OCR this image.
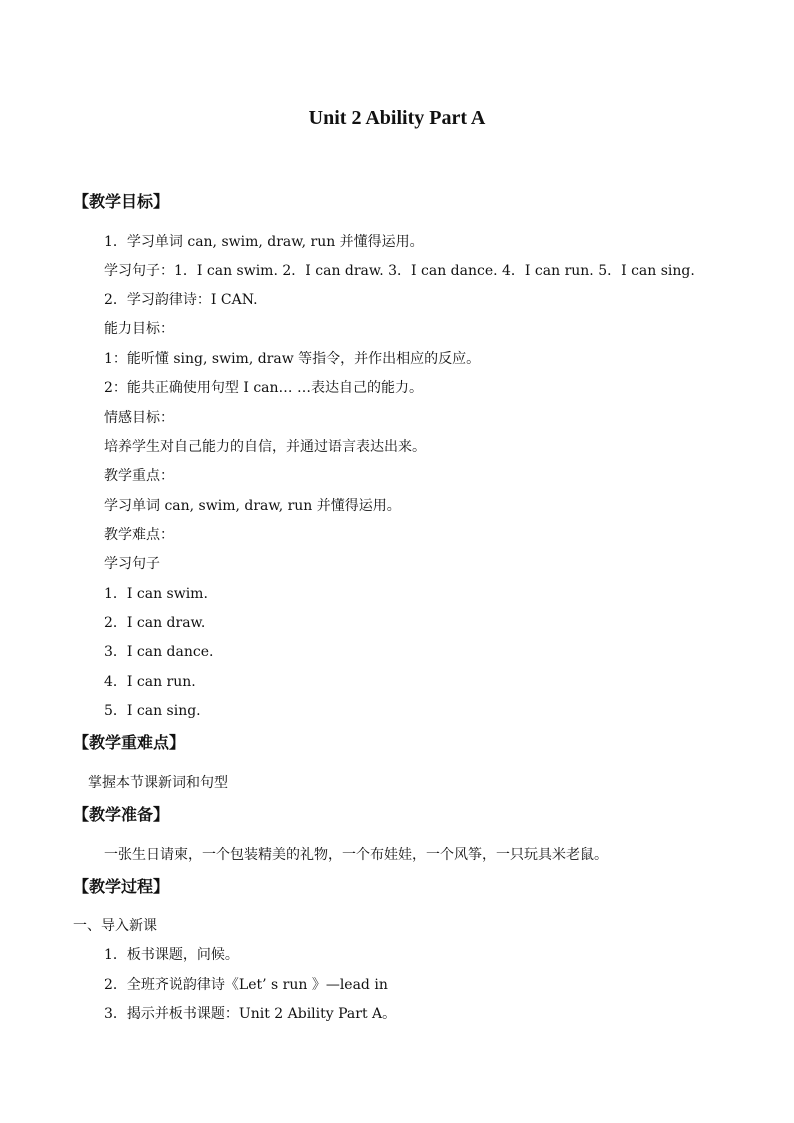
Unit 2 Ability Part A
【教学目标】
1．学习单词 can, swim, draw, run 并懂得运用。
学习句子：1．I can swim. 2．I can draw. 3．I can dance. 4．I can run. 5．I can sing.
2．学习韵律诗：I CAN.
能力目标：
1：能听懂 sing, swim, draw 等指令，并作出相应的反应。
2：能共正确使用句型 I can… …表达自己的能力。
情感目标：
培养学生对自己能力的自信，并通过语言表达出来。
教学重点：
学习单词 can, swim, draw, run 并懂得运用。
教学难点：
学习句子
1．I can swim.
2．I can draw.
3．I can dance.
4．I can run.
5．I can sing.
【教学重难点】
掌握本节课新词和句型
【教学准备】
一张生日请柬，一个包装精美的礼物，一个布娃娃，一个风筝，一只玩具米老鼠。
【教学过程】
一、导入新课
1．板书课题，问候。
2．全班齐说韵律诗《Let’ s run 》—lead in
3．揭示并板书课题：Unit 2 Ability Part A。
